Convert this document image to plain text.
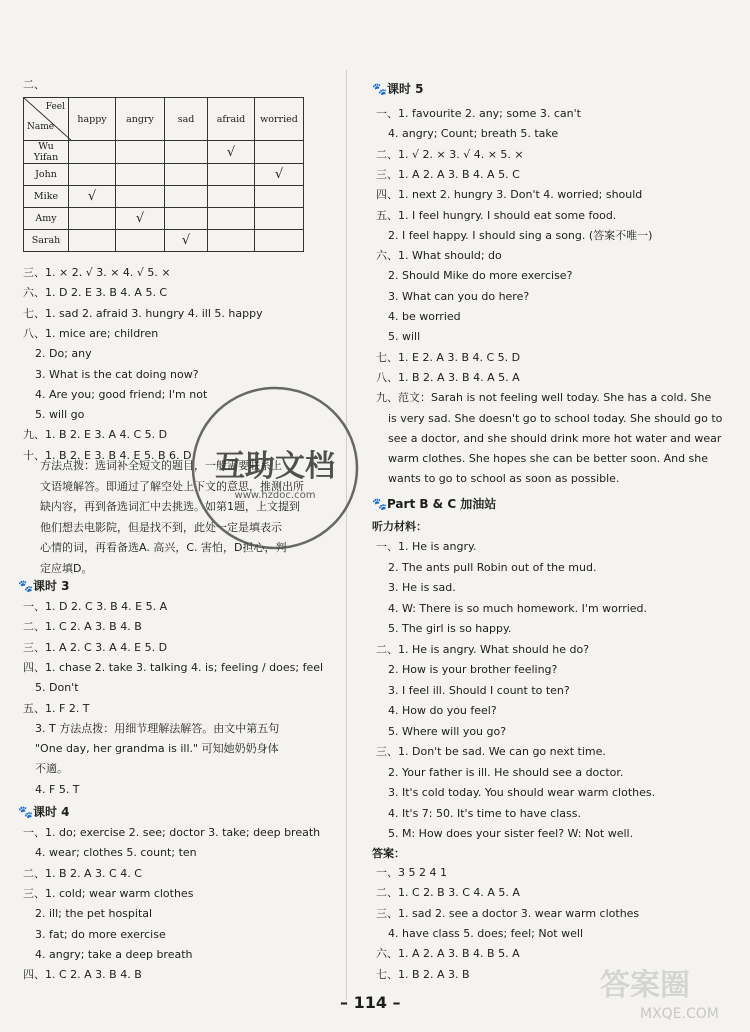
二、
Feel
Name	happy	angry	sad	afraid	worried
Wu Yifan				√	
John					√
Mike	√				
Amy		√			
Sarah			√		
三、1. × 2. √ 3. × 4. √ 5. ×
六、1. D 2. E 3. B 4. A 5. C
七、1. sad 2. afraid 3. hungry 4. ill 5. happy
八、1. mice are; children
2. Do; any
3. What is the cat doing now?
4. Are you; good friend; I'm not
5. will go
九、1. B 2. E 3. A 4. C 5. D
十、1. B 2. E 3. B 4. E 5. B 6. D
方法点拨：选词补全短文的题目，一般需要联系上
文语境解答。即通过了解空处上下文的意思，推测出所
缺内容，再到备选词汇中去挑选。如第1题，上文提到
他们想去电影院，但是找不到，此处一定是填表示
心情的词，再看备选A. 高兴，C. 害怕，D担心，判
定应填D。
🐾课时 3
一、1. D 2. C 3. B 4. E 5. A
二、1. C 2. A 3. B 4. B
三、1. A 2. C 3. A 4. E 5. D
四、1. chase 2. take 3. talking 4. is; feeling / does; feel
5. Don't
五、1. F 2. T
3. T 方法点拨：用细节理解法解答。由文中第五句
"One day, her grandma is ill." 可知她奶奶身体
不適。
4. F 5. T
🐾课时 4
一、1. do; exercise 2. see; doctor 3. take; deep breath
4. wear; clothes 5. count; ten
二、1. B 2. A 3. C 4. C
三、1. cold; wear warm clothes
2. ill; the pet hospital
3. fat; do more exercise
4. angry; take a deep breath
四、1. C 2. A 3. B 4. B
🐾课时 5
一、1. favourite 2. any; some 3. can't
4. angry; Count; breath 5. take
二、1. √ 2. × 3. √ 4. × 5. ×
三、1. A 2. A 3. B 4. A 5. C
四、1. next 2. hungry 3. Don't 4. worried; should
五、1. I feel hungry. I should eat some food.
2. I feel happy. I should sing a song. (答案不唯一)
六、1. What should; do
2. Should Mike do more exercise?
3. What can you do here?
4. be worried
5. will
七、1. E 2. A 3. B 4. C 5. D
八、1. B 2. A 3. B 4. A 5. A
九、范文：Sarah is not feeling well today. She has a cold. She
is very sad. She doesn't go to school today. She should go to
see a doctor, and she should drink more hot water and wear
warm clothes. She hopes she can be better soon. And she
wants to go to school as soon as possible.
🐾Part B & C 加油站
听力材料：
一、1. He is angry.
2. The ants pull Robin out of the mud.
3. He is sad.
4. W: There is so much homework. I'm worried.
5. The girl is so happy.
二、1. He is angry. What should he do?
2. How is your brother feeling?
3. I feel ill. Should I count to ten?
4. How do you feel?
5. Where will you go?
三、1. Don't be sad. We can go next time.
2. Your father is ill. He should see a doctor.
3. It's cold today. You should wear warm clothes.
4. It's 7: 50. It's time to have class.
5. M: How does your sister feel? W: Not well.
答案：
一、3 5 2 4 1
二、1. C 2. B 3. C 4. A 5. A
三、1. sad 2. see a doctor 3. wear warm clothes
4. have class 5. does; feel; Not well
六、1. A 2. A 3. B 4. B 5. A
七、1. B 2. A 3. B
互助文档
www.hzdoc.com
– 114 –	答案圈
MXQE.COM
